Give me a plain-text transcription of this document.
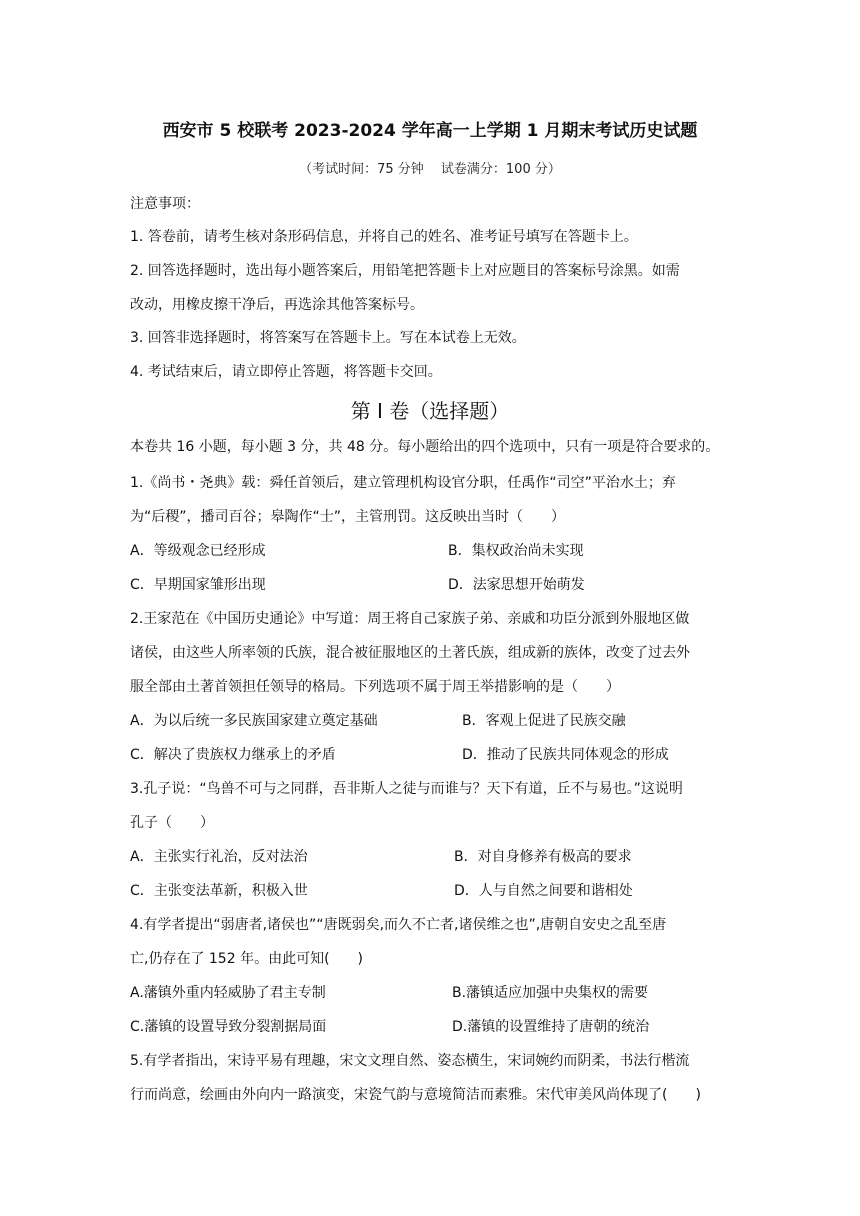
西安市 5 校联考 2023-2024 学年高一上学期 1 月期末考试历史试题
（考试时间：75 分钟　 试卷满分：100 分）
注意事项：
1. 答卷前，请考生核对条形码信息，并将自己的姓名、准考证号填写在答题卡上。
2. 回答选择题时，选出每小题答案后，用铅笔把答题卡上对应题目的答案标号涂黑。如需
改动，用橡皮擦干净后，再选涂其他答案标号。
3. 回答非选择题时，将答案写在答题卡上。写在本试卷上无效。
4. 考试结束后，请立即停止答题，将答题卡交回。
第 I 卷（选择题）
本卷共 16 小题，每小题 3 分，共 48 分。每小题给出的四个选项中，只有一项是符合要求的。
1.《尚书・尧典》载：舜任首领后，建立管理机构设官分职，任禹作“司空”平治水土；弃
为“后稷”，播司百谷；皋陶作“士”，主管刑罚。这反映出当时（　　）
A．等级观念已经形成	B．集权政治尚未实现
C．早期国家雏形出现	D．法家思想开始萌发
2.王家范在《中国历史通论》中写道：周王将自己家族子弟、亲戚和功臣分派到外服地区做
诸侯，由这些人所率领的氏族，混合被征服地区的土著氏族，组成新的族体，改变了过去外
服全部由土著首领担任领导的格局。下列选项不属于周王举措影响的是（　　）
A．为以后统一多民族国家建立奠定基础	B．客观上促进了民族交融
C．解决了贵族权力继承上的矛盾	D．推动了民族共同体观念的形成
3.孔子说：“鸟兽不可与之同群，吾非斯人之徒与而谁与？天下有道，丘不与易也。”这说明
孔子（　　）
A．主张实行礼治，反对法治	B．对自身修养有极高的要求
C．主张变法革新，积极入世	D．人与自然之间要和谐相处
4.有学者提出“弱唐者,诸侯也”“唐既弱矣,而久不亡者,诸侯维之也”,唐朝自安史之乱至唐
亡,仍存在了 152 年。由此可知(　　)
A.藩镇外重内轻威胁了君主专制	B.藩镇适应加强中央集权的需要
C.藩镇的设置导致分裂割据局面	D.藩镇的设置维持了唐朝的统治
5.有学者指出，宋诗平易有理趣，宋文文理自然、姿态横生，宋词婉约而阴柔，书法行楷流
行而尚意，绘画由外向内一路演变，宋瓷气韵与意境简洁而素雅。宋代审美风尚体现了(　　)
